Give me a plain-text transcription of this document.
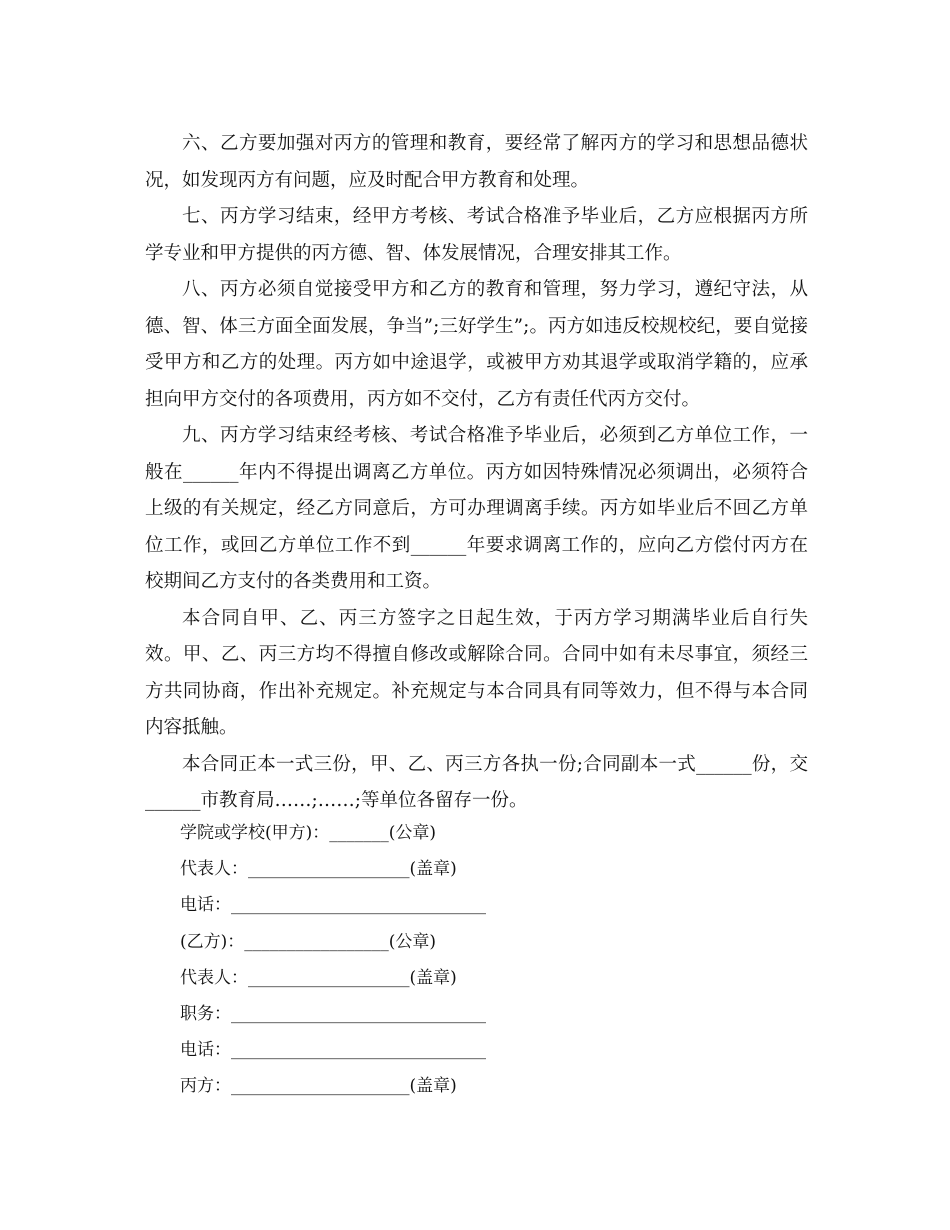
六、乙方要加强对丙方的管理和教育，要经常了解丙方的学习和思想品德状况，如发现丙方有问题，应及时配合甲方教育和处理。

七、丙方学习结束，经甲方考核、考试合格准予毕业后，乙方应根据丙方所学专业和甲方提供的丙方德、智、体发展情况，合理安排其工作。

八、丙方必须自觉接受甲方和乙方的教育和管理，努力学习，遵纪守法，从德、智、体三方面全面发展，争当”;三好学生”;。丙方如违反校规校纪，要自觉接受甲方和乙方的处理。丙方如中途退学，或被甲方劝其退学或取消学籍的，应承担向甲方交付的各项费用，丙方如不交付，乙方有责任代丙方交付。

九、丙方学习结束经考核、考试合格准予毕业后，必须到乙方单位工作，一般在______年内不得提出调离乙方单位。丙方如因特殊情况必须调出，必须符合上级的有关规定，经乙方同意后，方可办理调离手续。丙方如毕业后不回乙方单位工作，或回乙方单位工作不到______年要求调离工作的，应向乙方偿付丙方在校期间乙方支付的各类费用和工资。

本合同自甲、乙、丙三方签字之日起生效，于丙方学习期满毕业后自行失效。甲、乙、丙三方均不得擅自修改或解除合同。合同中如有未尽事宜，须经三方共同协商，作出补充规定。补充规定与本合同具有同等效力，但不得与本合同内容抵触。

本合同正本一式三份，甲、乙、丙三方各执一份;合同副本一式______份，交______市教育局……;……;等单位各留存一份。

学院或学校(甲方)：_______(公章)
代表人：___________________(盖章)
电话：______________________________
(乙方)：_________________(公章)
代表人：___________________(盖章)
职务：______________________________
电话：______________________________
丙方：_____________________(盖章)
